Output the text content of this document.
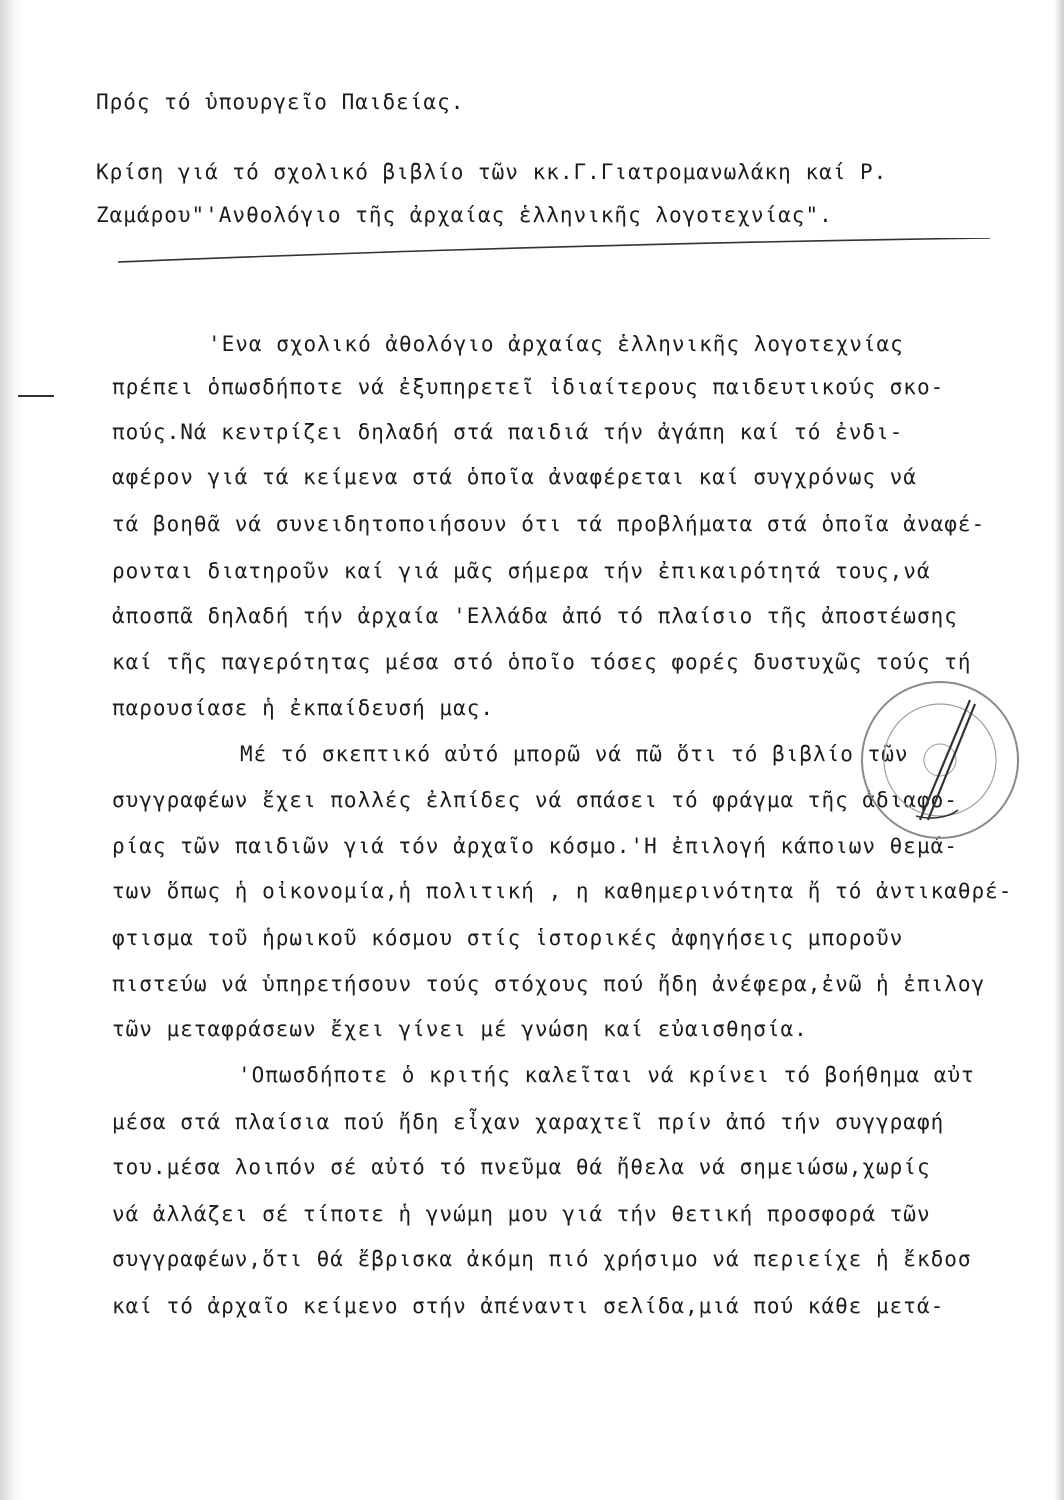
Πρός τό ὑπουργεῖο Παιδείας.
Κρίση γιά τό σχολικό βιβλίο τῶν κκ.Γ.Γιατρομανωλάκη καί Ρ.
Ζαμάρου"'Ανθολόγιο τῆς ἀρχαίας ἑλληνικῆς λογοτεχνίας".
'Ενα σχολικό ἀθολόγιο ἀρχαίας ἑλληνικῆς λογοτεχνίας
πρέπει ὁπωσδήποτε νά ἐξυπηρετεῖ ἰδιαίτερους παιδευτικούς σκο-
πούς.Νά κεντρίζει δηλαδή στά παιδιά τήν ἀγάπη καί τό ἐνδι-
αφέρον γιά τά κείμενα στά ὁποῖα ἀναφέρεται καί συγχρόνως νά
τά βοηθᾶ νά συνειδητοποιήσουν ότι τά προβλήματα στά ὁποῖα ἀναφέ-
ρονται διατηροῦν καί γιά μᾶς σήμερα τήν ἐπικαιρότητά τους,νά
ἀποσπᾶ δηλαδή τήν ἀρχαία 'Ελλάδα ἀπό τό πλαίσιο τῆς ἀποστέωσης
καί τῆς παγερότητας μέσα στό ὁποῖο τόσες φορές δυστυχῶς τούς τή
παρουσίασε ἡ ἐκπαίδευσή μας.
Μέ τό σκεπτικό αὐτό μπορῶ νά πῶ ὅτι τό βιβλίο τῶν
συγγραφέων ἔχει πολλές ἐλπίδες νά σπάσει τό φράγμα τῆς ἀδιαφο-
ρίας τῶν παιδιῶν γιά τόν ἀρχαῖο κόσμο.'Η ἐπιλογή κάποιων θεμά-
των ὅπως ἡ οἰκονομία,ἡ πολιτική , η καθημερινότητα ἤ τό ἀντικαθρέ-
φτισμα τοῦ ἡρωικοῦ κόσμου στίς ἱστορικές ἀφηγήσεις μποροῦν
πιστεύω νά ὑπηρετήσουν τούς στόχους πού ἤδη ἀνέφερα,ἐνῶ ἡ ἐπιλογ
τῶν μεταφράσεων ἔχει γίνει μέ γνώση καί εὐαισθησία.
'Οπωσδήποτε ὁ κριτής καλεῖται νά κρίνει τό βοήθημα αὐτ
μέσα στά πλαίσια πού ἤδη εἶχαν χαραχτεῖ πρίν ἀπό τήν συγγραφή
του.μέσα λοιπόν σέ αὐτό τό πνεῦμα θά ἤθελα νά σημειώσω,χωρίς
νά ἀλλάζει σέ τίποτε ἡ γνώμη μου γιά τήν θετική προσφορά τῶν
συγγραφέων,ὅτι θά ἔβρισκα ἀκόμη πιό χρήσιμο νά περιείχε ἡ ἔκδοσ
καί τό ἀρχαῖο κείμενο στήν ἀπέναντι σελίδα,μιά πού κάθε μετά-
